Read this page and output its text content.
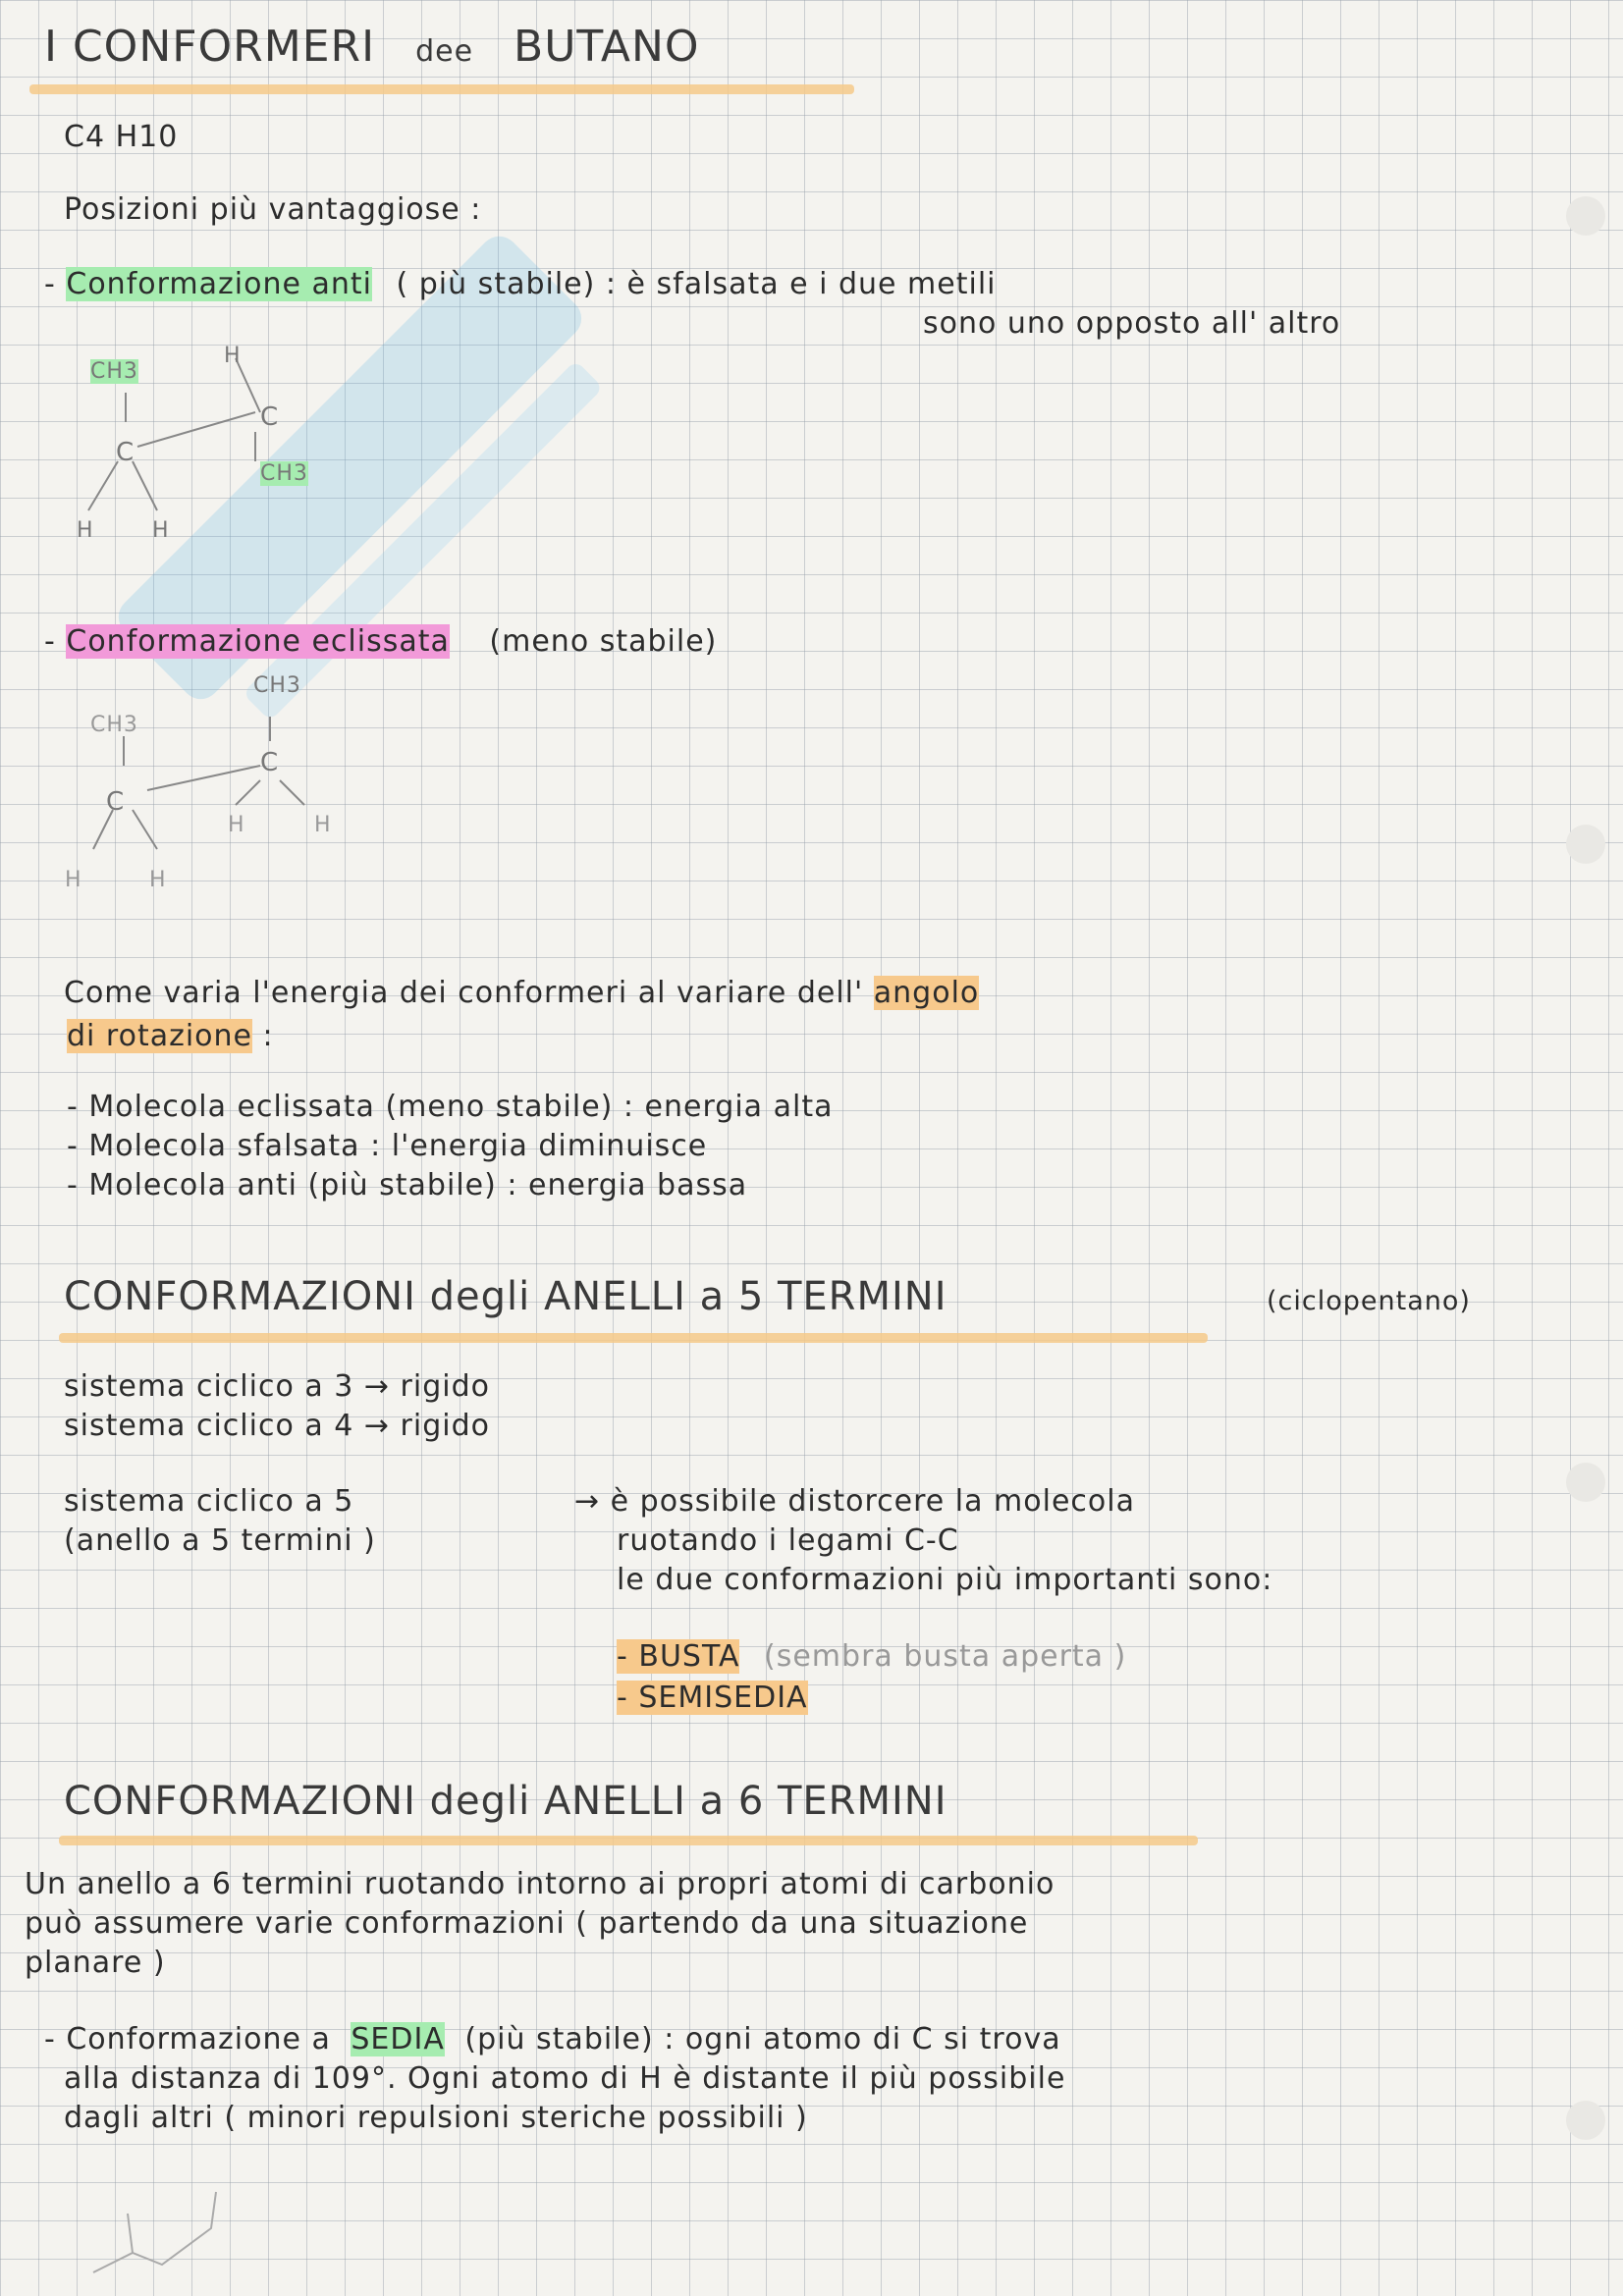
I CONFORMERI dee BUTANO
C4 H10
Posizioni più vantaggiose :
- Conformazione anti ( più stabile) : è sfalsata e i due metili
sono uno opposto all' altro
CH3
H
C
C
CH3
H	H
- Conformazione eclissata (meno stabile)
CH3
CH3
C
C
H	H
H	H
Come varia l'energia dei conformeri al variare dell' angolo
di rotazione :
- Molecola eclissata (meno stabile) : energia alta
- Molecola sfalsata : l'energia diminuisce
- Molecola anti (più stabile) : energia bassa
CONFORMAZIONI degli ANELLI a 5 TERMINI	(ciclopentano)
sistema ciclico a 3 → rigido
sistema ciclico a 4 → rigido
sistema ciclico a 5
(anello a 5 termini )
→ è possibile distorcere la molecola
ruotando i legami C-C
le due conformazioni più importanti sono:
- BUSTA (sembra busta aperta )
- SEMISEDIA
CONFORMAZIONI degli ANELLI a 6 TERMINI
Un anello a 6 termini ruotando intorno ai propri atomi di carbonio
può assumere varie conformazioni ( partendo da una situazione
planare )
- Conformazione a SEDIA (più stabile) : ogni atomo di C si trova
alla distanza di 109°. Ogni atomo di H è distante il più possibile
dagli altri ( minori repulsioni steriche possibili )
